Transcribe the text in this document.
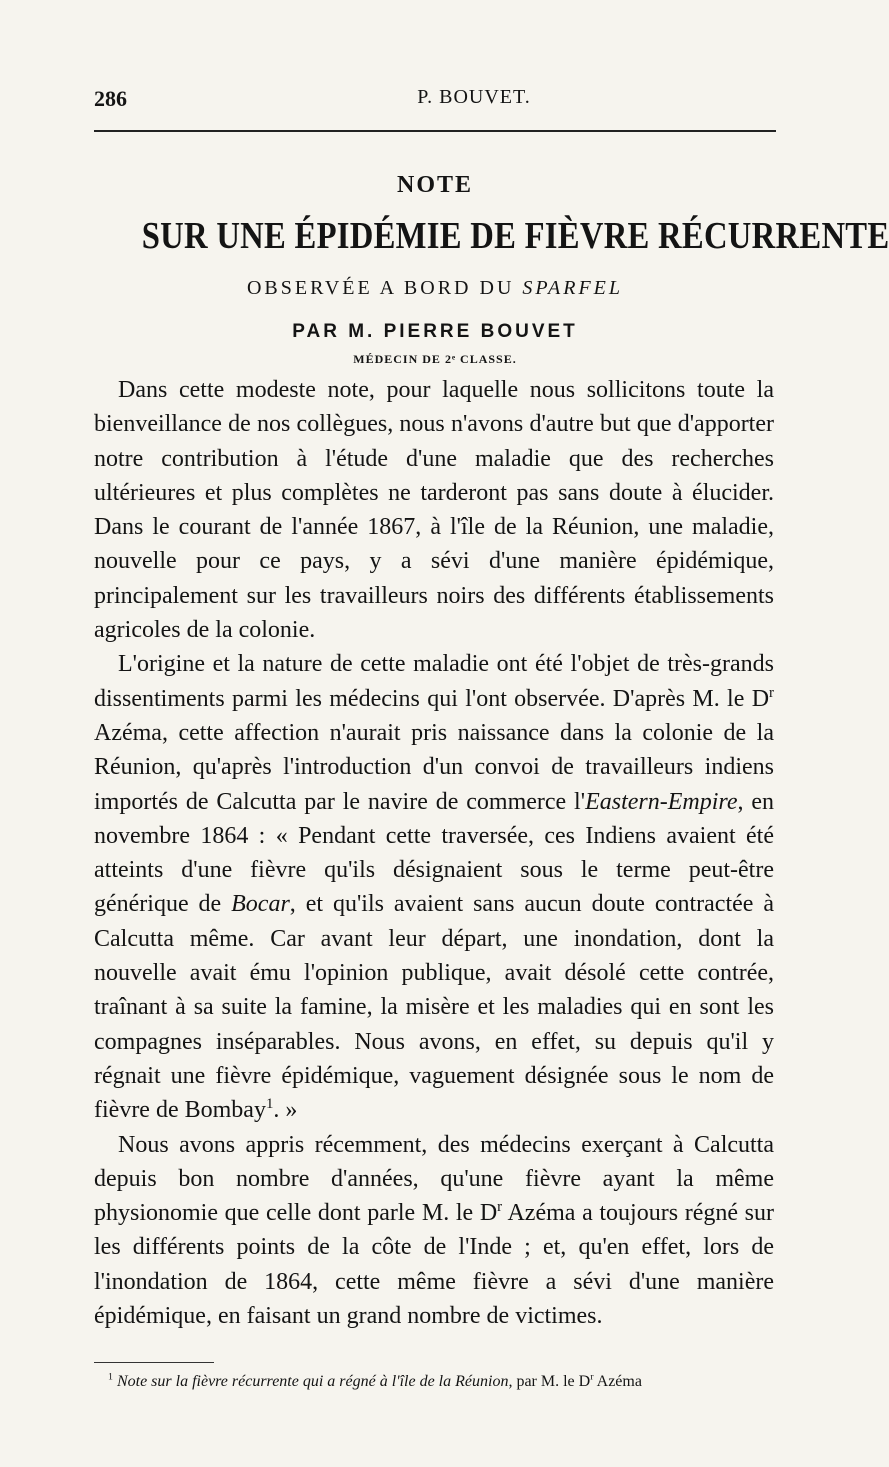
286	P. BOUVET.
NOTE
SUR UNE ÉPIDÉMIE DE FIÈVRE RÉCURRENTE
OBSERVÉE A BORD DU SPARFEL
PAR M. PIERRE BOUVET
MÉDECIN DE 2ᵉ CLASSE.

Dans cette modeste note, pour laquelle nous sollicitons toute la bienveillance de nos collègues, nous n'avons d'autre but que d'apporter notre contribution à l'étude d'une maladie que des recherches ultérieures et plus complètes ne tarderont pas sans doute à élucider. Dans le courant de l'année 1867, à l'île de la Réunion, une maladie, nouvelle pour ce pays, y a sévi d'une manière épidémique, principalement sur les travailleurs noirs des différents établissements agricoles de la colonie.

L'origine et la nature de cette maladie ont été l'objet de très-grands dissentiments parmi les médecins qui l'ont observée. D'après M. le $D^r$ Azéma, cette affection n'aurait pris naissance dans la colonie de la Réunion, qu'après l'introduction d'un convoi de travailleurs indiens importés de Calcutta par le navire de commerce l'Eastern-Empire, en novembre 1864 : « Pendant cette traversée, ces Indiens avaient été atteints d'une fièvre qu'ils désignaient sous le terme peut-être générique de Bocar, et qu'ils avaient sans aucun doute contractée à Calcutta même. Car avant leur départ, une inondation, dont la nouvelle avait ému l'opinion publique, avait désolé cette contrée, traînant à sa suite la famine, la misère et les maladies qui en sont les compagnes inséparables. Nous avons, en effet, su depuis qu'il y régnait une fièvre épidémique, vaguement désignée sous le nom de fièvre de Bombay$^1$. »

Nous avons appris récemment, des médecins exerçant à Calcutta depuis bon nombre d'années, qu'une fièvre ayant la même physionomie que celle dont parle M. le $D^r$ Azéma a toujours régné sur les différents points de la côte de l'Inde ; et, qu'en effet, lors de l'inondation de 1864, cette même fièvre a sévi d'une manière épidémique, en faisant un grand nombre de victimes.

$^1$ Note sur la fièvre récurrente qui a régné à l'île de la Réunion, par M. le $D^r$ Azéma
